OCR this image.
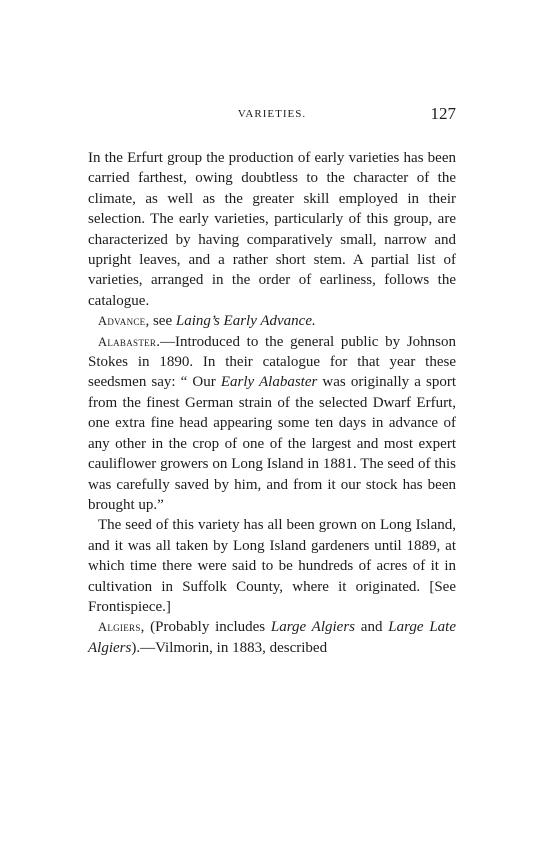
VARIETIES.	127

In the Erfurt group the production of early varieties has been carried farthest, owing doubtless to the character of the climate, as well as the greater skill employed in their selection. The early varieties, particularly of this group, are characterized by having comparatively small, narrow and upright leaves, and a rather short stem. A partial list of varieties, arranged in the order of earliness, follows the catalogue.

Advance, see Laing’s Early Advance.

Alabaster.—Introduced to the general public by Johnson Stokes in 1890. In their catalogue for that year these seedsmen say: “ Our Early Alabaster was originally a sport from the finest German strain of the selected Dwarf Erfurt, one extra fine head appearing some ten days in advance of any other in the crop of one of the largest and most expert cauliflower growers on Long Island in 1881. The seed of this was carefully saved by him, and from it our stock has been brought up.”

The seed of this variety has all been grown on Long Island, and it was all taken by Long Island gardeners until 1889, at which time there were said to be hundreds of acres of it in cultivation in Suffolk County, where it originated. [See Frontispiece.]

Algiers, (Probably includes Large Algiers and Large Late Algiers).—Vilmorin, in 1883, described
